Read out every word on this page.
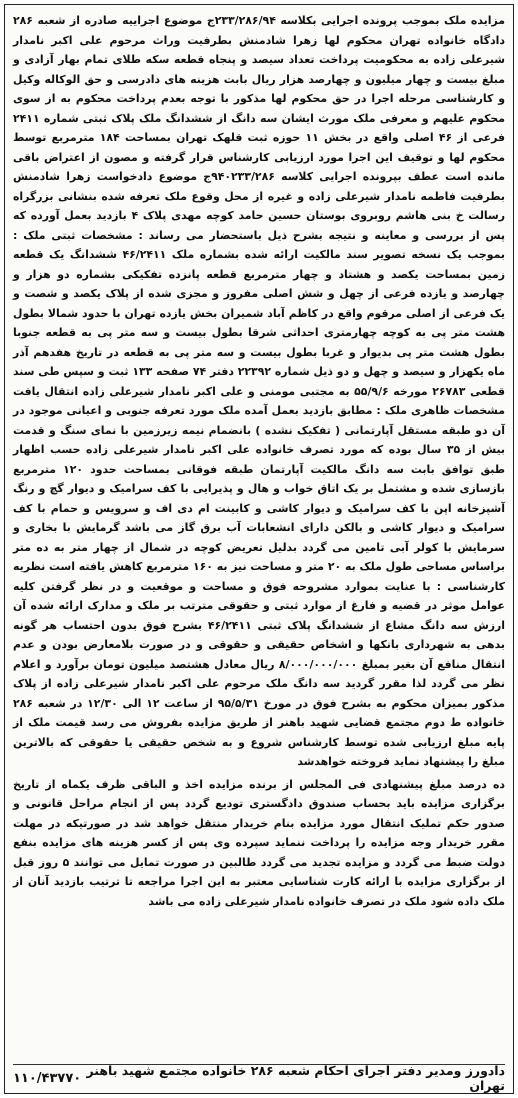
مزایده ملک بموجب پرونده اجرایی بکلاسه ۲۳۳/۲۸۶/۹۴ج موضوع اجراییه صادره از شعبه ۲۸۶ دادگاه خانواده تهران محکوم لها زهرا شادمنش بطرفیت وراث مرحوم علی اکبر نامدار شیرعلی زاده به محکومیت پرداخت تعداد سیصد و پنجاه قطعه سکه طلای تمام بهار آزادی و مبلغ بیست و چهار میلیون و چهارصد هزار ریال بابت هزینه های دادرسی و حق الوکاله وکیل و کارشناسی مرحله اجرا در حق محکوم لها مذکور با توجه بعدم پرداخت محکوم به از سوی محکوم علیهم و معرفی ملک مورث ایشان سه دانگ از ششدانگ ملک پلاک ثبتی شماره ۲۴۱۱ فرعی از ۴۶ اصلی واقع در بخش ۱۱ حوزه ثبت قلهک تهران بمساحت ۱۸۴ مترمربع توسط محکوم لها و توقیف این اجرا مورد ارزیابی کارشناس قرار گرفته و مصون از اعتراض باقی مانده است عطف بپرونده اجرایی کلاسه ۹۴۰۲۳۳/۲۸۶ج موضوع دادخواست زهرا شادمنش بطرفیت فاطمه نامدار شیرعلی زاده و غیره از محل وقوع ملک تعرفه شده بنشانی بزرگراه رسالت خ بنی هاشم روبروی بوستان حسین حامد کوچه مهدی پلاک ۴ بازدید بعمل آورده که پس از بررسی و معاینه و نتیجه بشرح ذیل باستحضار می رساند : مشخصات ثبتی ملک : بموجب یک نسخه تصویر سند مالکیت ارائه شده بشماره ملک ۴۶/۲۴۱۱ ششدانگ یک قطعه زمین بمساحت یکصد و هشتاد و چهار مترمربع قطعه پانزده تفکیکی بشماره دو هزار و چهارصد و یازده فرعی از چهل و شش اصلی مفروز و مجزی شده از پلاک یکصد و شصت و یک فرعی از اصلی مرقوم واقع در کاظم آباد شمیران بخش یازده تهران با حدود شمالا بطول هشت متر پی به کوچه چهارمتری احداثی شرقا بطول بیست و سه متر پی به قطعه جنوبا بطول هشت متر پی بدیوار و غربا بطول بیست و سه متر پی به قطعه در تاریخ هفدهم آذر ماه یکهزار و سیصد و چهل و دو ذیل شماره ۲۲۳۹۲ دفتر ۷۴ صفحه ۱۳۳ ثبت و سپس طی سند قطعی ۲۶۷۸۳ مورخه ۵۵/۹/۶ به مجتبی مومنی و علی اکبر نامدار شیرعلی زاده انتقال یافت مشخصات ظاهری ملک : مطابق بازدید بعمل آمده ملک مورد تعرفه جنوبی و اعیانی موجود در آن دو طبقه مستقل آپارتمانی ( تفکیک نشده ) بانضمام نیمه زیرزمین با نمای سنگ و قدمت بیش از ۳۵ سال بوده که مورد تصرف خانواده علی اکبر نامدار شیرعلی زاده حسب اظهار طبق توافق بابت سه دانگ مالکیت آپارتمان طبقه فوقانی بمساحت حدود ۱۲۰ مترمربع بازسازی شده و مشتمل بر یک اتاق خواب و هال و پذیرایی با کف سرامیک و دیوار گچ و رنگ آشپزخانه اپن با کف سرامیک و دیوار کاشی و کابینت ام دی اف و سرویس و حمام با کف سرامیک و دیوار کاشی و بالکن دارای انشعابات آب برق گاز می باشد گرمایش با بخاری و سرمایش با کولر آبی تامین می گردد بدلیل تعریض کوچه در شمال از چهار متر به ده متر براساس مساحی طول ملک به ۲۰ متر و مساحت نیز به ۱۶۰ مترمربع کاهش یافته است نظریه کارشناسی : با عنایت بموارد مشروحه فوق و مساحت و موقعیت و در نظر گرفتن کلیه عوامل موثر در قضیه و فارغ از موارد ثبتی و حقوقی مترتب بر ملک و مدارک ارائه شده آن ارزش سه دانگ مشاع از ششدانگ پلاک ثبتی ۴۶/۲۴۱۱ بشرح فوق بدون احتساب هر گونه بدهی به شهرداری بانکها و اشخاص حقیقی و حقوقی و در صورت بلامعارض بودن و عدم انتقال منافع آن بغیر بمبلغ ۸/۰۰۰/۰۰۰/۰۰۰ ریال معادل هشتصد میلیون تومان برآورد و اعلام نظر می گردد لذا مقرر گردید سه دانگ ملک مرحوم علی اکبر نامدار شیرعلی زاده از پلاک مذکور بمیزان محکوم به بشرح فوق در مورخ ۹۵/۵/۳۱ از ساعت ۱۲ الی ۱۲/۳۰ در شعبه ۲۸۶ خانواده ط دوم مجتمع قضایی شهید باهنر از طریق مزایده بفروش می رسد قیمت ملک از پایه مبلغ ارزیابی شده توسط کارشناس شروع و به شخص حقیقی یا حقوقی که بالاترین مبلغ را پیشنهاد نماید فروخته خواهدشد

ده درصد مبلغ پیشنهادی فی المجلس از برنده مزایده اخذ و الباقی ظرف یکماه از تاریخ برگزاری مزایده باید بحساب صندوق دادگستری تودیع گردد پس از انجام مراحل قانونی و صدور حکم تملیک انتقال مورد مزایده بنام خریدار منتقل خواهد شد در صورتیکه در مهلت مقرر خریدار وجه مزایده را پرداخت ننماید سپرده وی پس از کسر هزینه های مزایده بنفع دولت ضبط می گردد و مزایده تجدید می گردد طالبین در صورت تمایل می توانند ۵ روز قبل از برگزاری مزایده با ارائه کارت شناسایی معتبر به این اجرا مراجعه تا ترتیب بازدید آنان از ملک داده شود ملک در تصرف خانواده نامدار شیرعلی زاده می باشد

دادورز ومدیر دفتر اجرای احکام شعبه ۲۸۶ خانواده مجتمع شهید باهنر تهران
۱۱۰/۴۳۷۷۰
